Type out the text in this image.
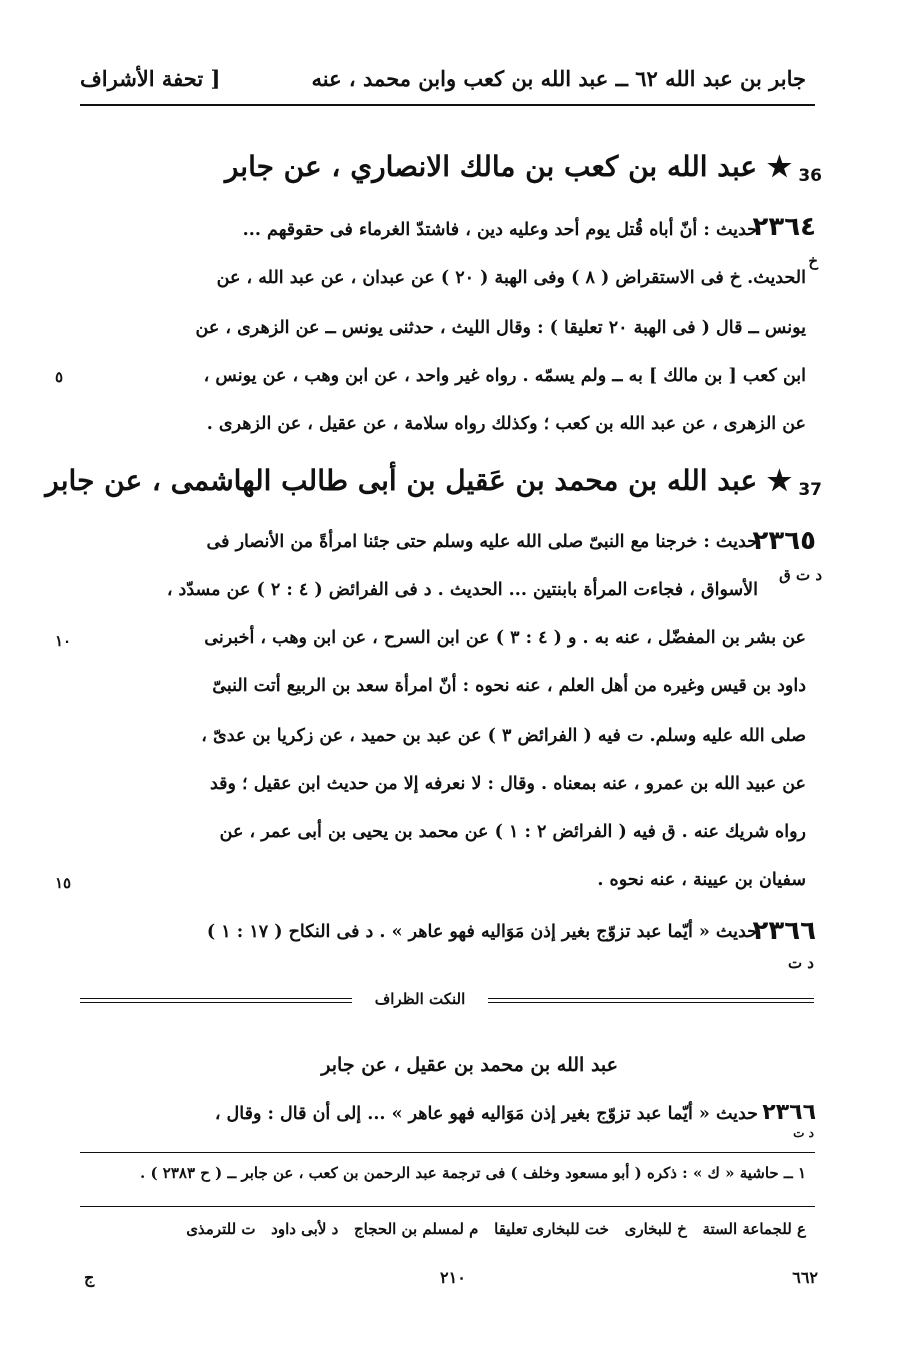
جابر بن عبد الله ٦٢ ــ عبد الله بن كعب وابن محمد ، عنه
[ تحفة الأشراف
36
★ عبد الله بن كعب بن مالك الانصاري ، عن جابر
٢٣٦٤
خ
حديث : أنّ أباه قُتل يوم أحد وعليه دين ، فاشتدّ الغرماء فى حقوقهم ...
الحديث. خ فى الاستقراض ( ٨ ) وفى الهبة ( ٢٠ ) عن عبدان ، عن عبد الله ، عن
يونس ــ قال ( فى الهبة ٢٠ تعليقا ) : وقال الليث ، حدثنى يونس ــ عن الزهرى ، عن
ابن كعب [ بن مالك ] به ــ ولم يسمّه . رواه غير واحد ، عن ابن وهب ، عن يونس ،
٥
عن الزهرى ، عن عبد الله بن كعب ؛ وكذلك رواه سلامة ، عن عقيل ، عن الزهرى .
37
★ عبد الله بن محمد بن عَقيل بن أبى طالب الهاشمى ، عن جابر
٢٣٦٥
د ت ق
حديث : خرجنا مع النبىّ صلى الله عليه وسلم حتى جئنا امرأةً من الأنصار فى
الأسواق ، فجاءت المرأة بابنتين ... الحديث . د فى الفرائض ( ٤ : ٢ ) عن مسدّد ،
عن بشر بن المفضّل ، عنه به . و ( ٤ : ٣ ) عن ابن السرح ، عن ابن وهب ، أخبرنى
١٠
داود بن قيس وغيره من أهل العلم ، عنه نحوه : أنّ امرأة سعد بن الربيع أتت النبىّ
صلى الله عليه وسلم. ت فيه ( الفرائض ٣ ) عن عبد بن حميد ، عن زكريا بن عدىّ ،
عن عبيد الله بن عمرو ، عنه بمعناه . وقال : لا نعرفه إلا من حديث ابن عقيل ؛ وقد
رواه شريك عنه . ق فيه ( الفرائض ٢ : ١ ) عن محمد بن يحيى بن أبى عمر ، عن
سفيان بن عيينة ، عنه نحوه .
١٥
٢٣٦٦
د ت
حديث « أيّما عبد تزوّج بغير إذن مَوَاليه فهو عاهر » . د فى النكاح ( ١٧ : ١ )
النكت الظراف
عبد الله بن محمد بن عقيل ، عن جابر
٢٣٦٦
د ت
حديث « أيّما عبد تزوّج بغير إذن مَوَاليه فهو عاهر » ... إلى أن قال : وقال ،
١ ــ حاشية « ك » : ذكره ( أبو مسعود وخلف ) فى ترجمة عبد الرحمن بن كعب ، عن جابر ــ ( ح ٢٣٨٣ ) .
ع للجماعة الستة   خ للبخارى   خت للبخارى تعليقا   م لمسلم بن الحجاج   د لأبى داود   ت للترمذى
٦٦٢
٢١٠
ج
